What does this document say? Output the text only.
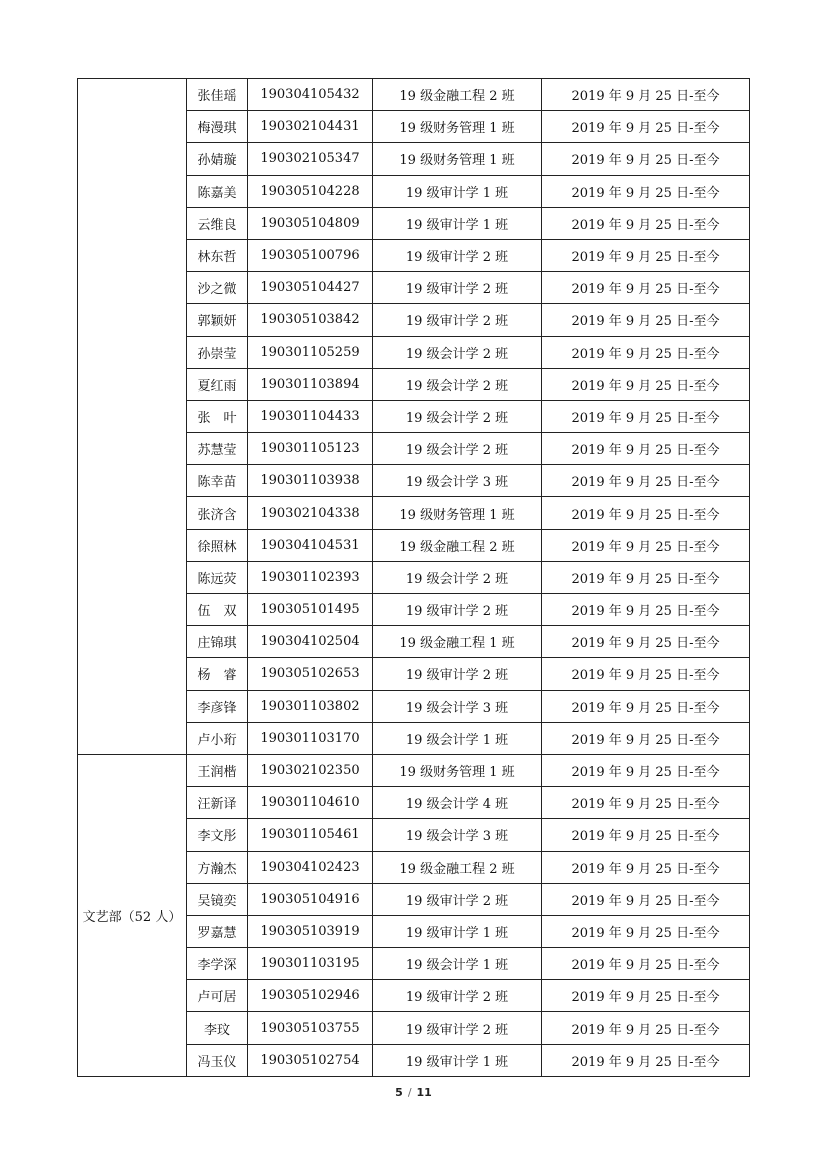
	张佳瑶	190304105432	19 级金融工程 2 班	2019 年 9 月 25 日-至今
	梅漫琪	190302104431	19 级财务管理 1 班	2019 年 9 月 25 日-至今
	孙婧璇	190302105347	19 级财务管理 1 班	2019 年 9 月 25 日-至今
	陈嘉美	190305104228	19 级审计学 1 班	2019 年 9 月 25 日-至今
	云维良	190305104809	19 级审计学 1 班	2019 年 9 月 25 日-至今
	林东哲	190305100796	19 级审计学 2 班	2019 年 9 月 25 日-至今
	沙之微	190305104427	19 级审计学 2 班	2019 年 9 月 25 日-至今
	郭颖妍	190305103842	19 级审计学 2 班	2019 年 9 月 25 日-至今
	孙崇莹	190301105259	19 级会计学 2 班	2019 年 9 月 25 日-至今
	夏红雨	190301103894	19 级会计学 2 班	2019 年 9 月 25 日-至今
	张　叶	190301104433	19 级会计学 2 班	2019 年 9 月 25 日-至今
	苏慧莹	190301105123	19 级会计学 2 班	2019 年 9 月 25 日-至今
	陈幸苗	190301103938	19 级会计学 3 班	2019 年 9 月 25 日-至今
	张济含	190302104338	19 级财务管理 1 班	2019 年 9 月 25 日-至今
	徐照林	190304104531	19 级金融工程 2 班	2019 年 9 月 25 日-至今
	陈远荧	190301102393	19 级会计学 2 班	2019 年 9 月 25 日-至今
	伍　双	190305101495	19 级审计学 2 班	2019 年 9 月 25 日-至今
	庄锦琪	190304102504	19 级金融工程 1 班	2019 年 9 月 25 日-至今
	杨　睿	190305102653	19 级审计学 2 班	2019 年 9 月 25 日-至今
	李彦锋	190301103802	19 级会计学 3 班	2019 年 9 月 25 日-至今
	卢小珩	190301103170	19 级会计学 1 班	2019 年 9 月 25 日-至今
文艺部（52 人）	王润楷	190302102350	19 级财务管理 1 班	2019 年 9 月 25 日-至今
	汪新译	190301104610	19 级会计学 4 班	2019 年 9 月 25 日-至今
	李文彤	190301105461	19 级会计学 3 班	2019 年 9 月 25 日-至今
	方瀚杰	190304102423	19 级金融工程 2 班	2019 年 9 月 25 日-至今
	吴镜奕	190305104916	19 级审计学 2 班	2019 年 9 月 25 日-至今
	罗嘉慧	190305103919	19 级审计学 1 班	2019 年 9 月 25 日-至今
	李学深	190301103195	19 级会计学 1 班	2019 年 9 月 25 日-至今
	卢可居	190305102946	19 级审计学 2 班	2019 年 9 月 25 日-至今
	李玟	190305103755	19 级审计学 2 班	2019 年 9 月 25 日-至今
	冯玉仪	190305102754	19 级审计学 1 班	2019 年 9 月 25 日-至今
5 / 11
